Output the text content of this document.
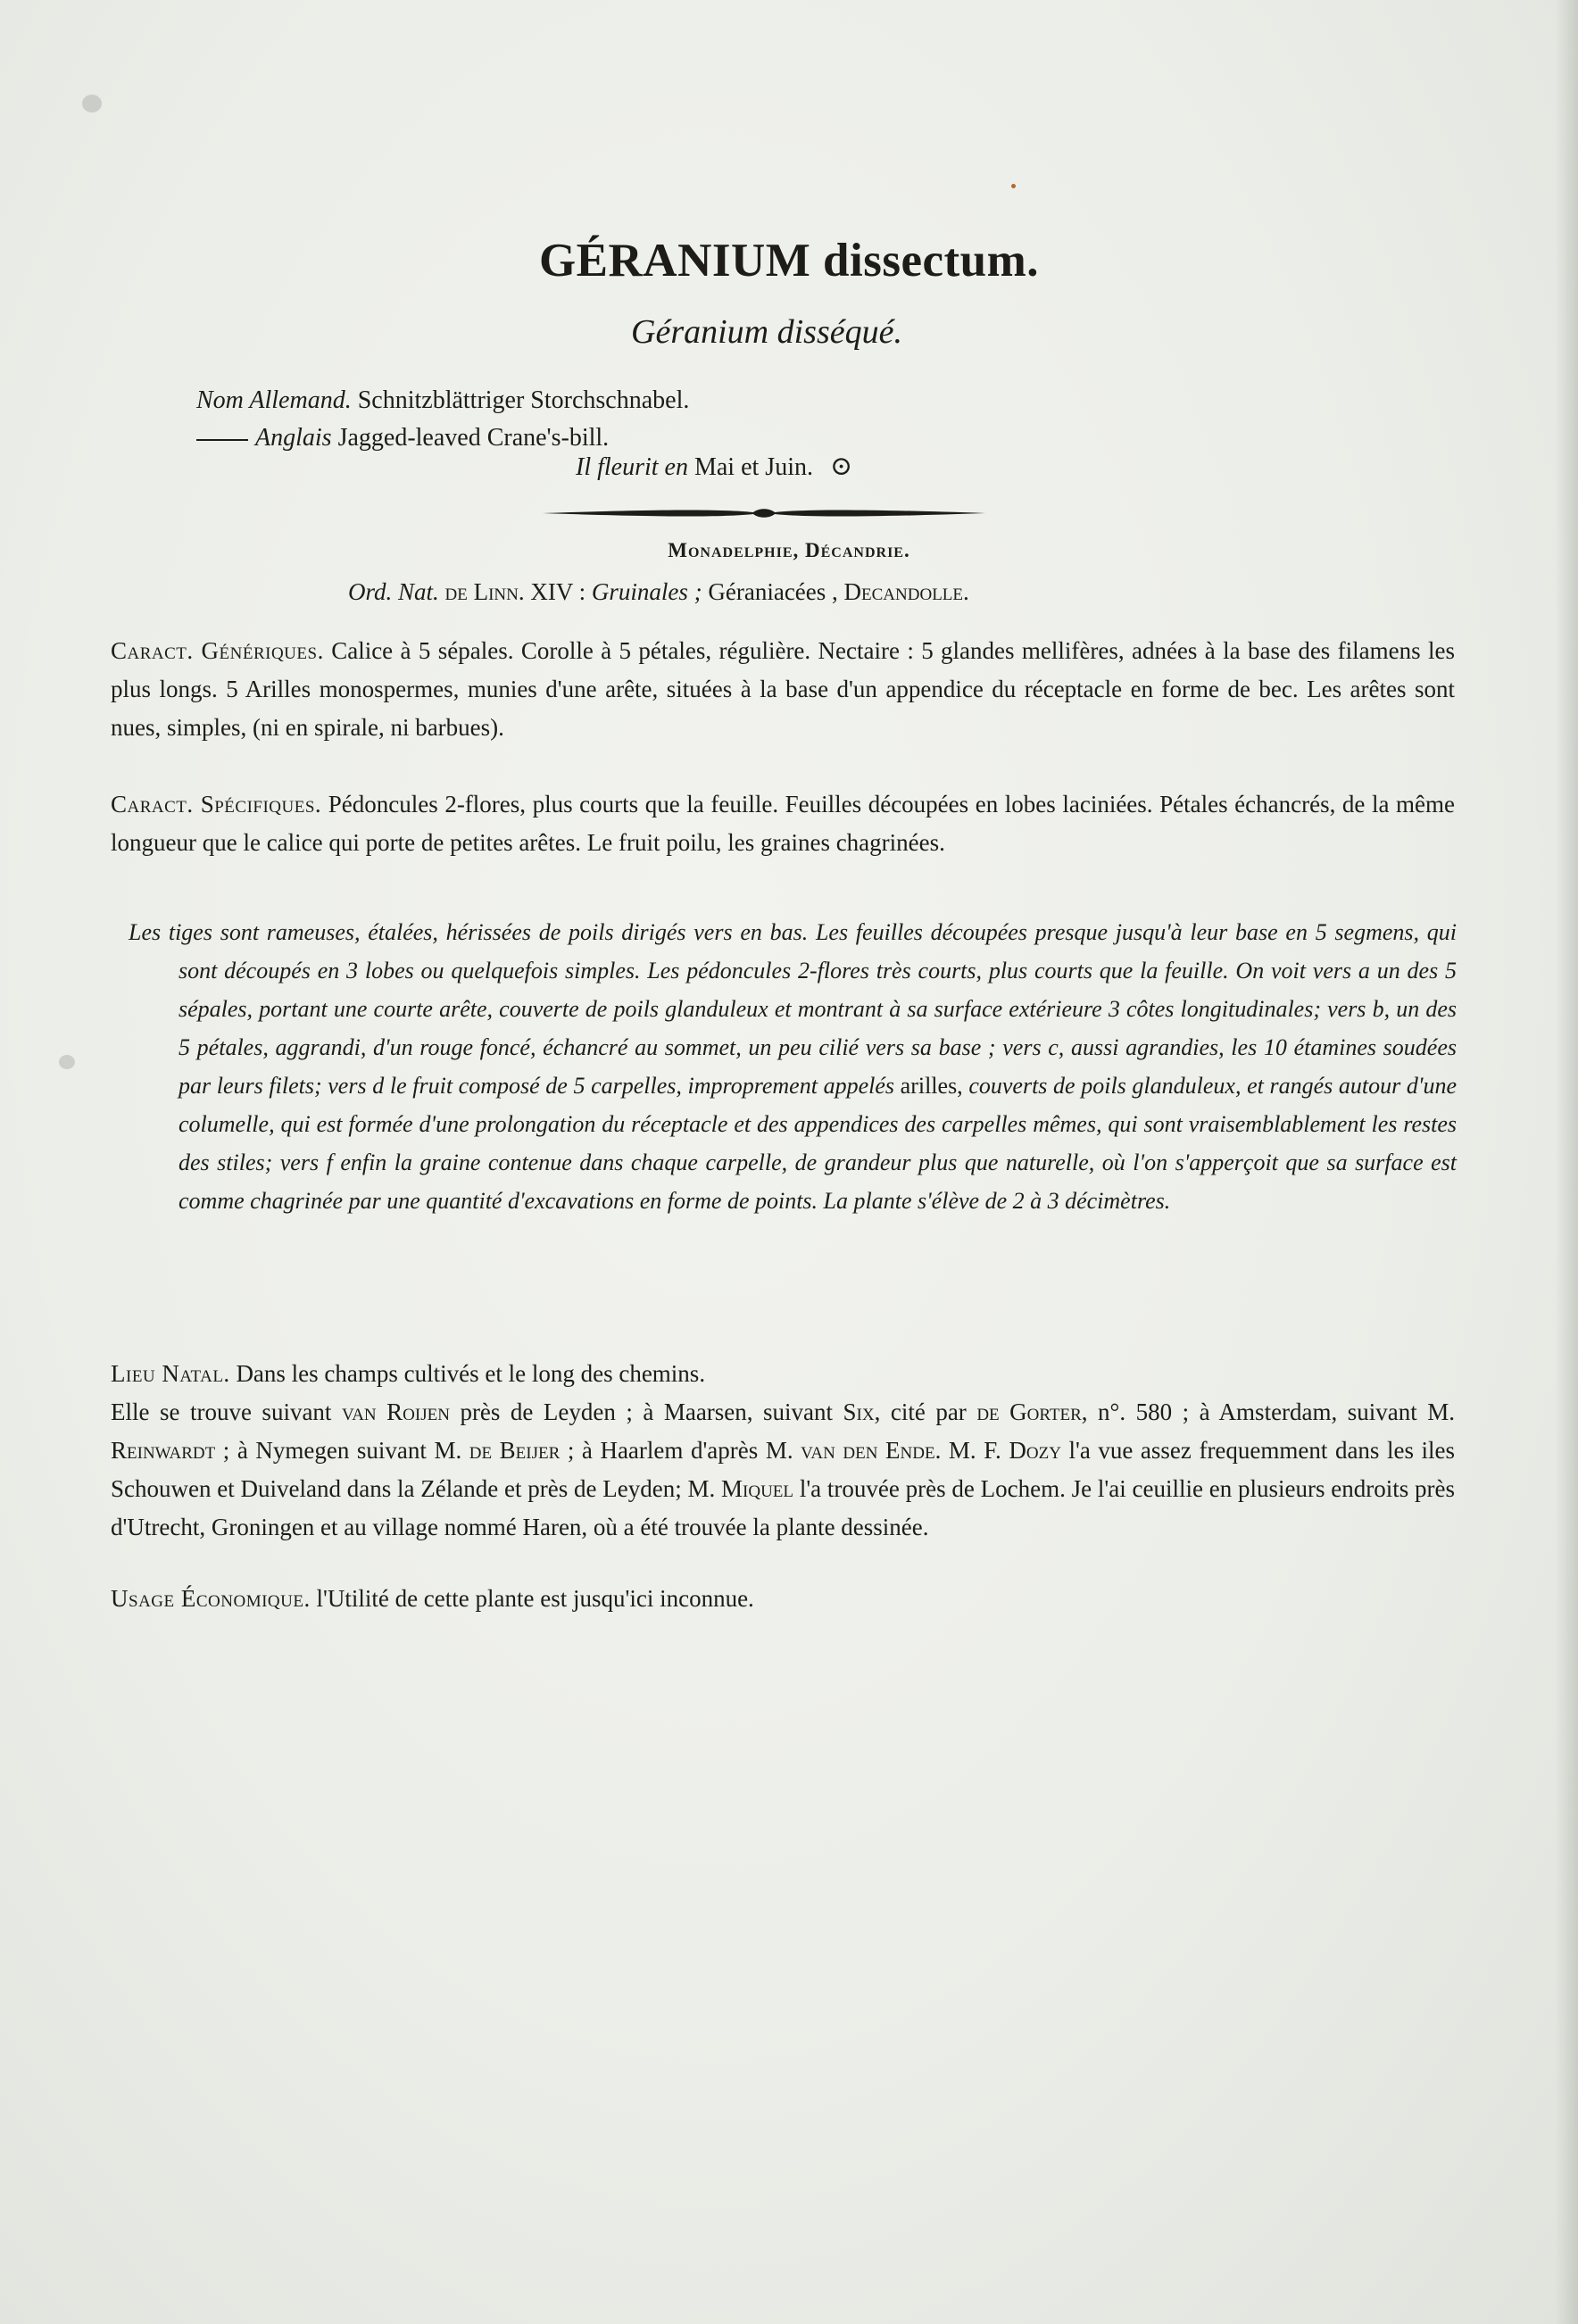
GÉRANIUM dissectum.
Géranium disséqué.
Nom Allemand. Schnitzblättriger Storchschnabel.
Anglais Jagged-leaved Crane's-bill.
Il fleurit en Mai et Juin. ⊙
Monadelphie, Décandrie.
Ord. Nat. de Linn. XIV : Gruinales ; Géraniacées , Decandolle.
Caract. Génériques. Calice à 5 sépales. Corolle à 5 pétales, régulière. Nectaire : 5 glandes mellifères, adnées à la base des filamens les plus longs. 5 Arilles monospermes, munies d'une arête, situées à la base d'un appendice du réceptacle en forme de bec. Les arêtes sont nues, simples, (ni en spirale, ni barbues).
Caract. Spécifiques. Pédoncules 2-flores, plus courts que la feuille. Feuilles découpées en lobes laciniées. Pétales échancrés, de la même longueur que le calice qui porte de petites arêtes. Le fruit poilu, les graines chagrinées.
Les tiges sont rameuses, étalées, hérissées de poils dirigés vers en bas. Les feuilles découpées presque jusqu'à leur base en 5 segmens, qui sont découpés en 3 lobes ou quelquefois simples. Les pédoncules 2-flores très courts, plus courts que la feuille. On voit vers a un des 5 sépales, portant une courte arête, couverte de poils glanduleux et montrant à sa surface extérieure 3 côtes longitudinales; vers b, un des 5 pétales, aggrandi, d'un rouge foncé, échancré au sommet, un peu cilié vers sa base ; vers c, aussi agrandies, les 10 étamines soudées par leurs filets; vers d le fruit composé de 5 carpelles, improprement appelés arilles, couverts de poils glanduleux, et rangés autour d'une columelle, qui est formée d'une prolongation du réceptacle et des appendices des carpelles mêmes, qui sont vraisemblablement les restes des stiles; vers f enfin la graine contenue dans chaque carpelle, de grandeur plus que naturelle, où l'on s'apperçoit que sa surface est comme chagrinée par une quantité d'excavations en forme de points. La plante s'élève de 2 à 3 décimètres.
Lieu Natal. Dans les champs cultivés et le long des chemins.
Elle se trouve suivant van Roijen près de Leyden ; à Maarsen, suivant Six, cité par de Gorter, n°. 580 ; à Amsterdam, suivant M. Reinwardt ; à Nymegen suivant M. de Beijer ; à Haarlem d'après M. van den Ende. M. F. Dozy l'a vue assez frequemment dans les iles Schouwen et Duiveland dans la Zélande et près de Leyden; M. Miquel l'a trouvée près de Lochem. Je l'ai ceuillie en plusieurs endroits près d'Utrecht, Groningen et au village nommé Haren, où a été trouvée la plante dessinée.
Usage Économique. l'Utilité de cette plante est jusqu'ici inconnue.
